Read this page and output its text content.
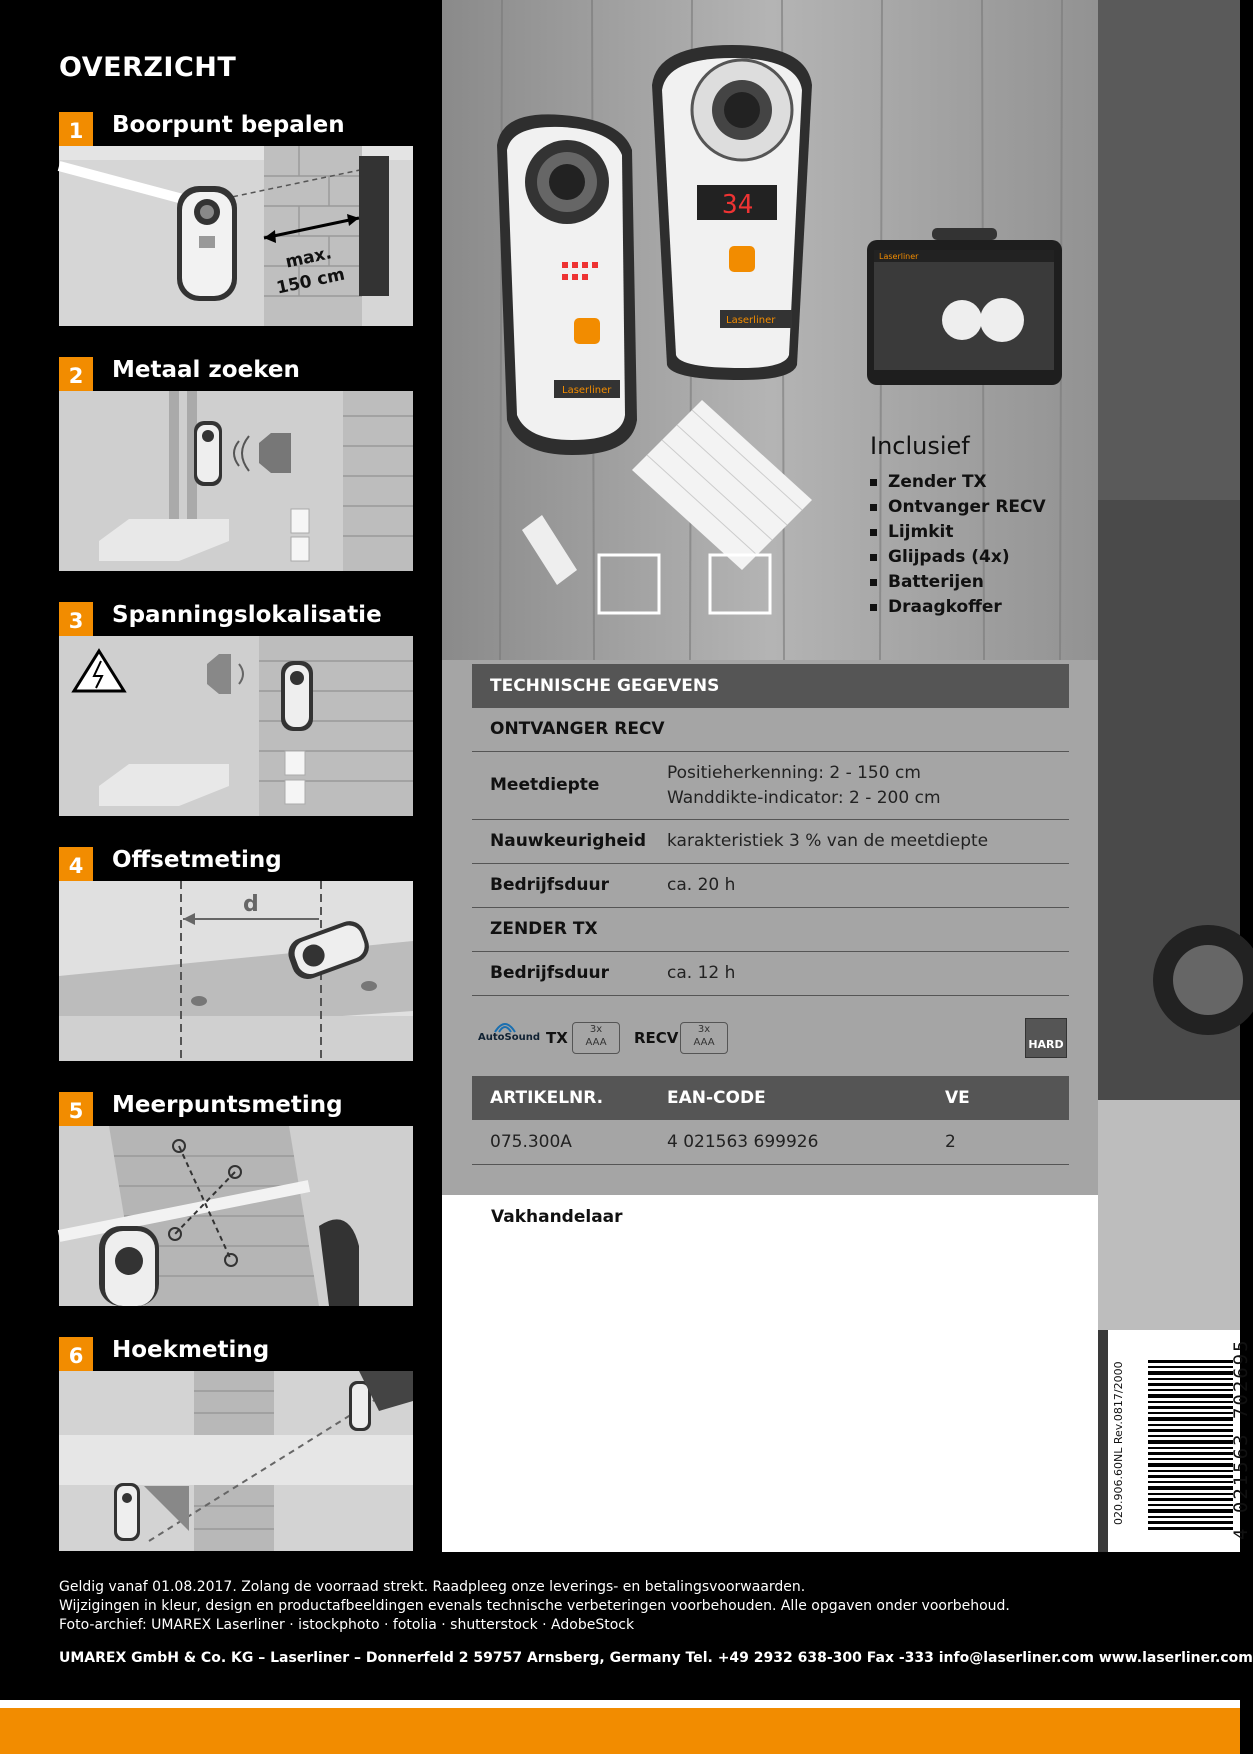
OVERZICHT
1	Boorpunt bepalen
max.
150 cm
2	Metaal zoeken
3	Spanningslokalisatie
4	Offsetmeting
d
5	Meerpuntsmeting
6	Hoekmeting
Laserliner
34
Laserliner
Laserliner
Inclusief
Zender TX
Ontvanger RECV
Lijmkit
Glijpads (4x)
Batterijen
Draagkoffer
TECHNISCHE GEGEVENS
ONTVANGER RECV
Meetdiepte
Positieherkenning: 2 - 150 cm
Wanddikte-indicator: 2 - 200 cm
Nauwkeurigheid karakteristiek 3 % van de meetdiepte
Bedrijfsduur	ca. 20 h
ZENDER TX
Bedrijfsduur	ca. 12 h
AutoSound TX	3x
AAA	RECV	3x
AAA	HARD
ARTIKELNR.	EAN-CODE	VE
075.300A	4 021563 699926	2
Vakhandelaar
020.906.60NL Rev.0817/2000	4 021563 702695
Geldig vanaf 01.08.2017. Zolang de voorraad strekt. Raadpleeg onze leverings- en betalingsvoorwaarden.
Wijzigingen in kleur, design en productafbeeldingen evenals technische verbeteringen voorbehouden. Alle opgaven onder voorbehoud.
Foto-archief: UMAREX Laserliner · istockphoto · fotolia · shutterstock · AdobeStock
UMAREX GmbH & Co. KG – Laserliner – Donnerfeld 2 59757 Arnsberg, Germany Tel. +49 2932 638-300 Fax -333 info@laserliner.com www.laserliner.com
